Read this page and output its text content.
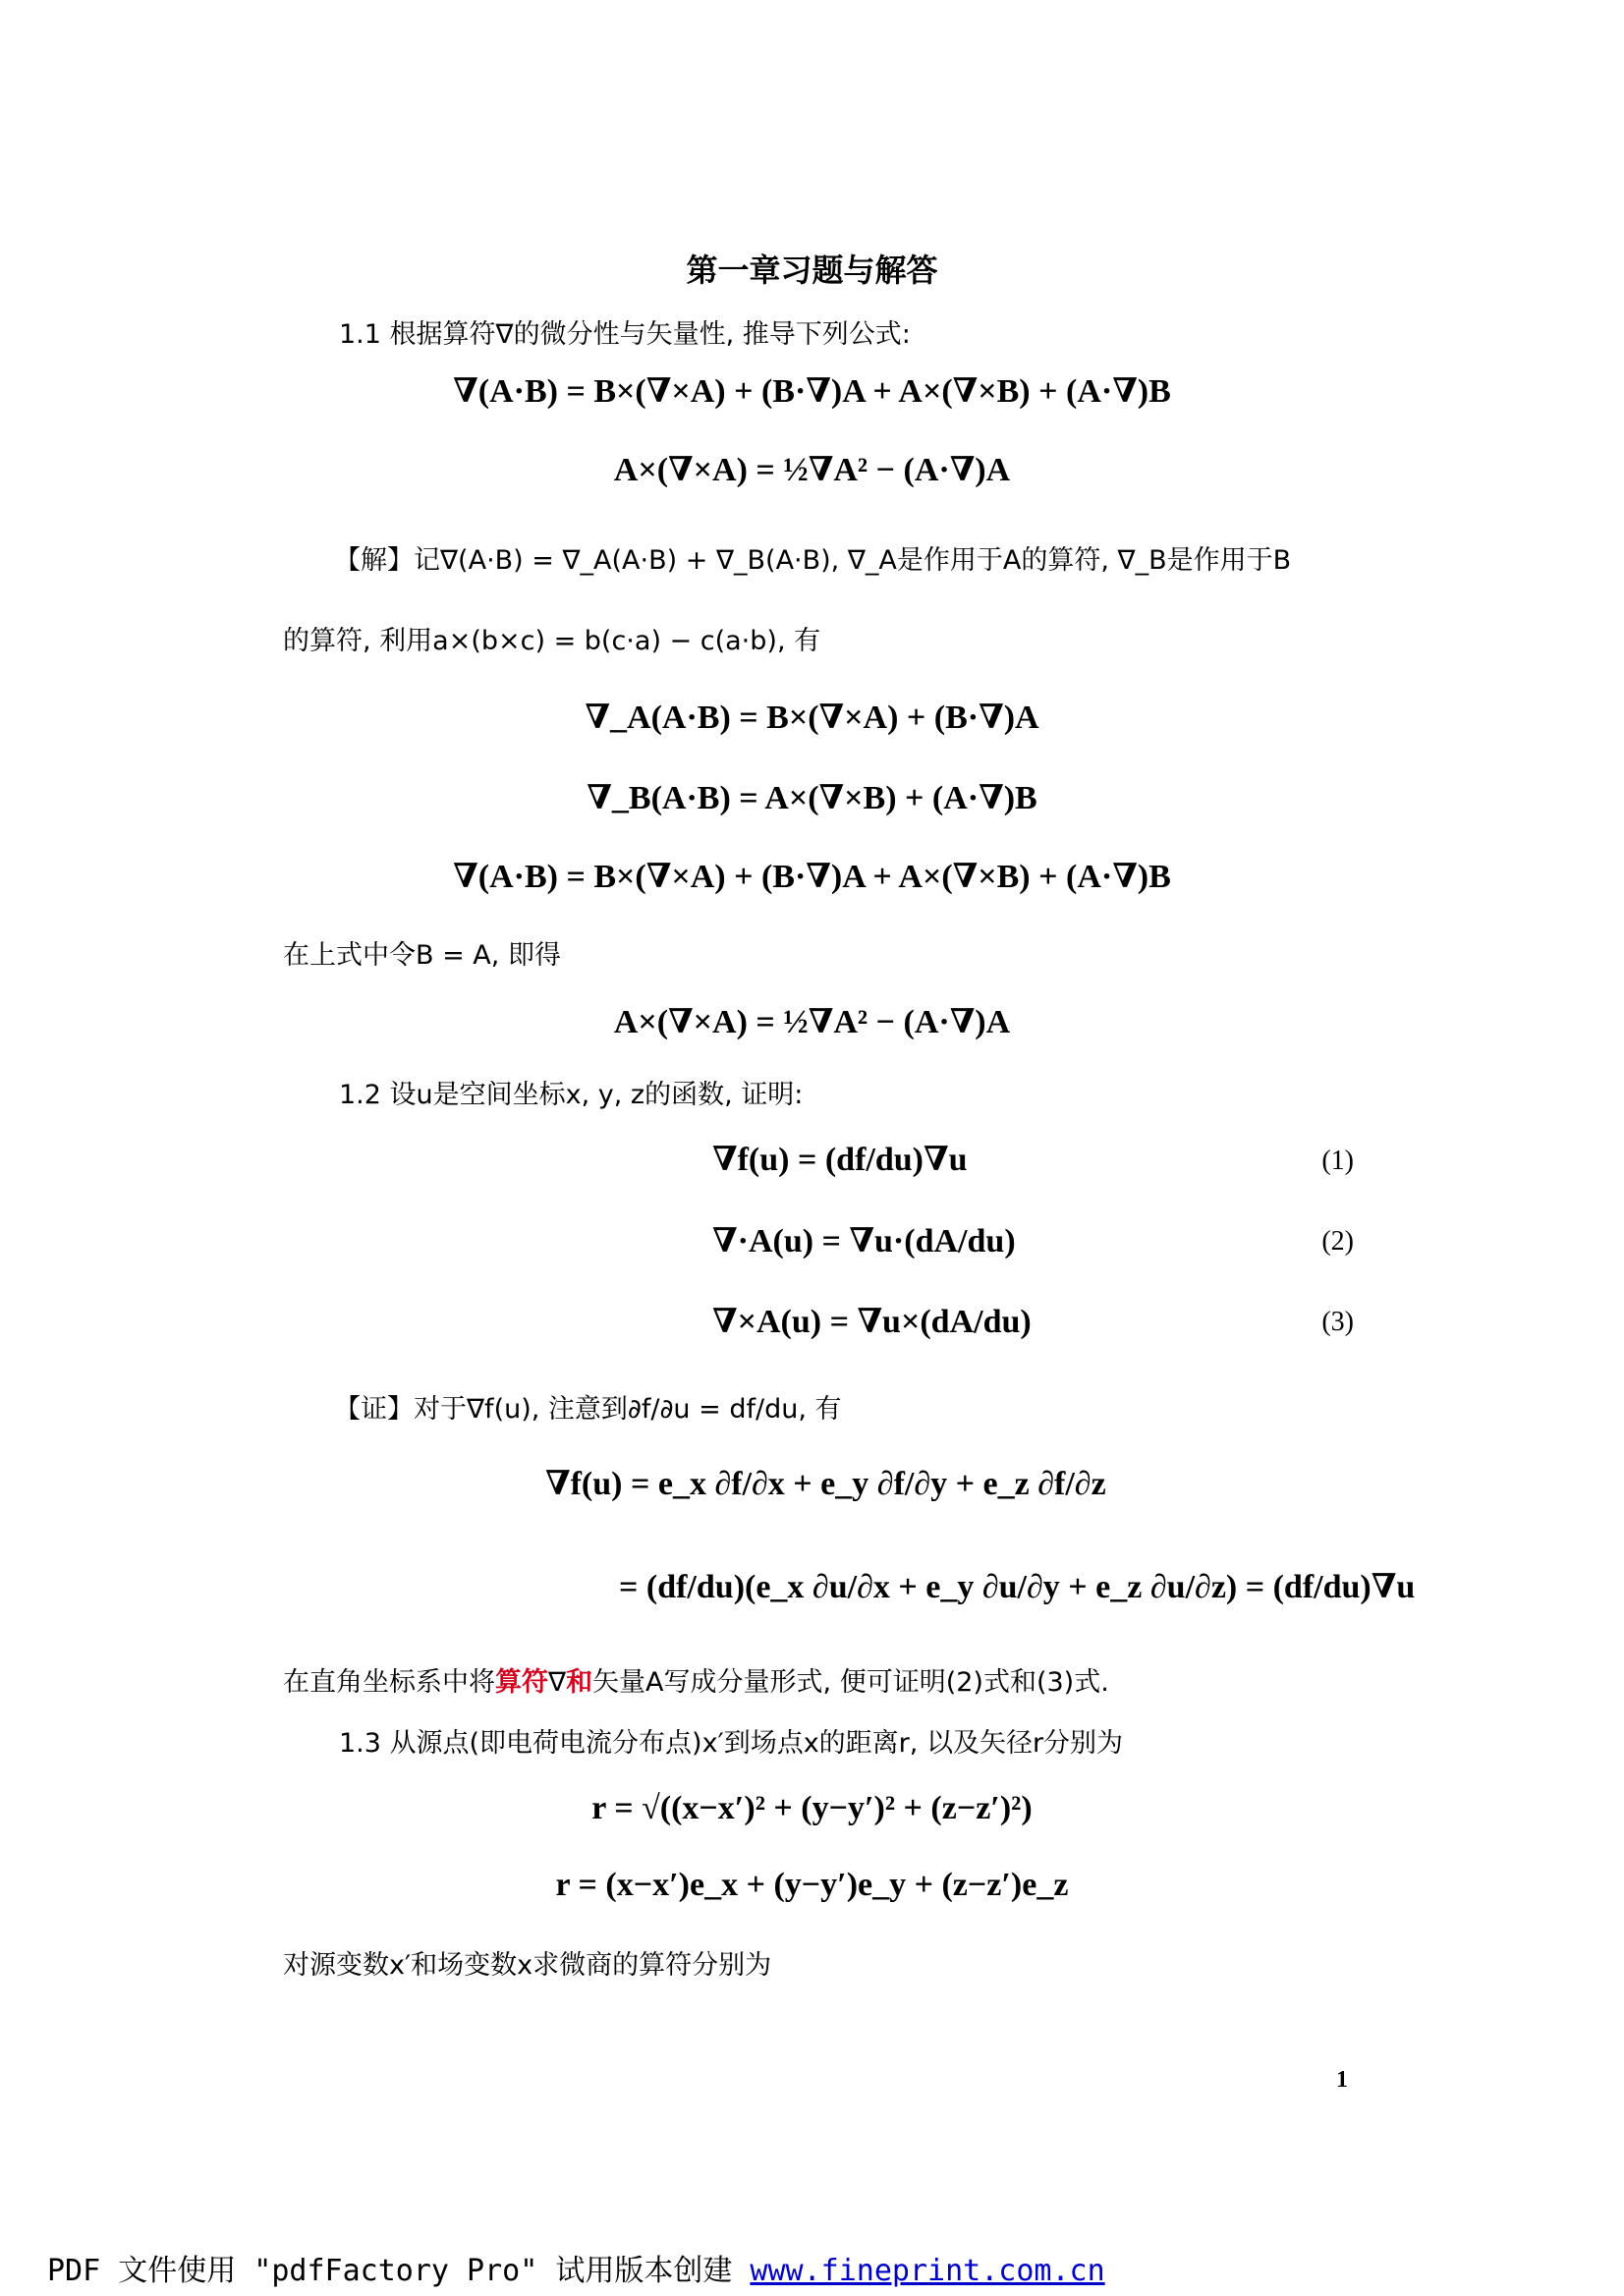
第一章习题与解答
1.1 根据算符∇的微分性与矢量性, 推导下列公式:
∇(A·B) = B×(∇×A) + (B·∇)A + A×(∇×B) + (A·∇)B
A×(∇×A) = ½∇A² − (A·∇)A
【解】记∇(A·B) = ∇_A(A·B) + ∇_B(A·B), ∇_A是作用于A的算符, ∇_B是作用于B
的算符, 利用a×(b×c) = b(c·a) − c(a·b), 有
∇_A(A·B) = B×(∇×A) + (B·∇)A
∇_B(A·B) = A×(∇×B) + (A·∇)B
∇(A·B) = B×(∇×A) + (B·∇)A + A×(∇×B) + (A·∇)B
在上式中令B = A, 即得
A×(∇×A) = ½∇A² − (A·∇)A
1.2 设u是空间坐标x, y, z的函数, 证明:
∇f(u) = (df/du)∇u	(1)
∇·A(u) = ∇u·(dA/du)	(2)
∇×A(u) = ∇u×(dA/du)	(3)
【证】对于∇f(u), 注意到∂f/∂u = df/du, 有
∇f(u) = e_x ∂f/∂x + e_y ∂f/∂y + e_z ∂f/∂z
= (df/du)(e_x ∂u/∂x + e_y ∂u/∂y + e_z ∂u/∂z) = (df/du)∇u
在直角坐标系中将算符∇和矢量A写成分量形式, 便可证明(2)式和(3)式.
1.3 从源点(即电荷电流分布点)x′到场点x的距离r, 以及矢径r分别为
r = √((x−x′)² + (y−y′)² + (z−z′)²)
r = (x−x′)e_x + (y−y′)e_y + (z−z′)e_z
对源变数x′和场变数x求微商的算符分别为
1
PDF 文件使用 "pdfFactory Pro" 试用版本创建 www.fineprint.com.cn
